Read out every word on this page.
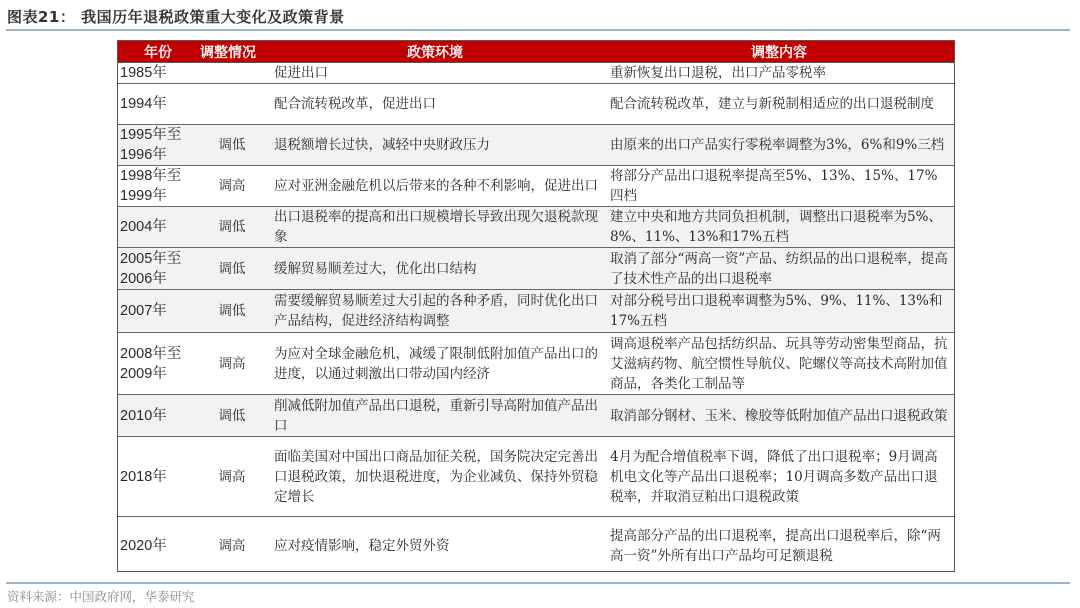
图表21： 我国历年退税政策重大变化及政策背景
年份	调整情况	政策环境	调整内容
1985年		促进出口	重新恢复出口退税，出口产品零税率
1994年		配合流转税改革，促进出口	配合流转税改革，建立与新税制相适应的出口退税制度
1995年至1996年	调低	退税额增长过快，减轻中央财政压力	由原来的出口产品实行零税率调整为3%，6%和9%三档
1998年至1999年	调高	应对亚洲金融危机以后带来的各种不利影响，促进出口	将部分产品出口退税率提高至5%、13%、15%、17%四档
2004年	调低	出口退税率的提高和出口规模增长导致出现欠退税款现象	建立中央和地方共同负担机制，调整出口退税率为5%、8%、11%、13%和17%五档
2005年至2006年	调低	缓解贸易顺差过大，优化出口结构	取消了部分“两高一资”产品、纺织品的出口退税率，提高了技术性产品的出口退税率
2007年	调低	需要缓解贸易顺差过大引起的各种矛盾，同时优化出口产品结构，促进经济结构调整	对部分税号出口退税率调整为5%、9%、11%、13%和17%五档
2008年至2009年	调高	为应对全球金融危机，减缓了限制低附加值产品出口的进度，以通过刺激出口带动国内经济	调高退税率产品包括纺织品、玩具等劳动密集型商品，抗艾滋病药物、航空惯性导航仪、陀螺仪等高技术高附加值商品，各类化工制品等
2010年	调低	削减低附加值产品出口退税，重新引导高附加值产品出口	取消部分钢材、玉米、橡胶等低附加值产品出口退税政策
2018年	调高	面临美国对中国出口商品加征关税，国务院决定完善出口退税政策，加快退税进度，为企业减负、保持外贸稳定增长	4月为配合增值税率下调，降低了出口退税率；9月调高机电文化等产品出口退税率；10月调高多数产品出口退税率，并取消豆粕出口退税政策
2020年	调高	应对疫情影响，稳定外贸外资	提高部分产品的出口退税率，提高出口退税率后，除“两高一资”外所有出口产品均可足额退税
资料来源：中国政府网，华泰研究
